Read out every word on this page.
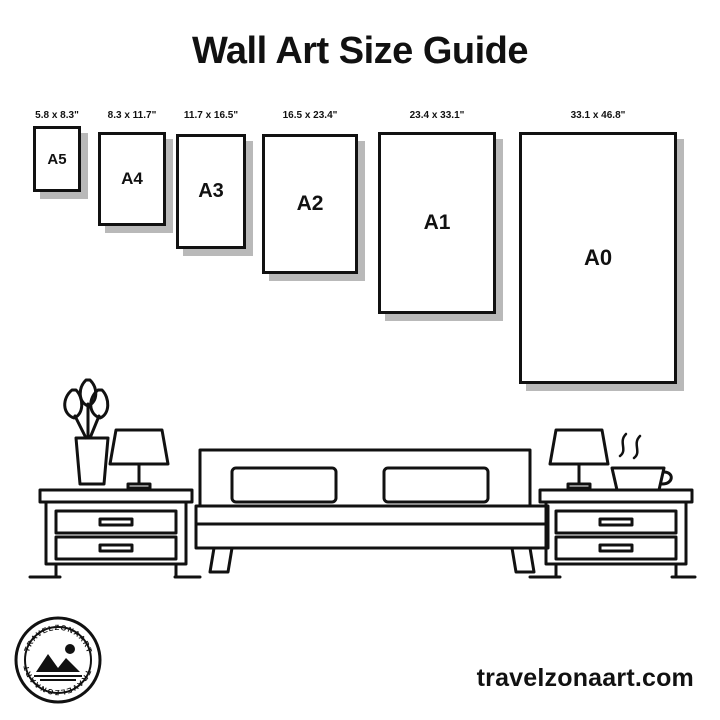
Wall Art Size Guide
5.8 x 8.3"
A5
8.3 x 11.7"
A4
11.7 x 16.5"
A3
16.5 x 23.4"
A2
23.4 x 33.1"
A1
33.1 x 46.8"
A0
TRAVELZONAART
TRAVELZONAART	travelzonaart.com
